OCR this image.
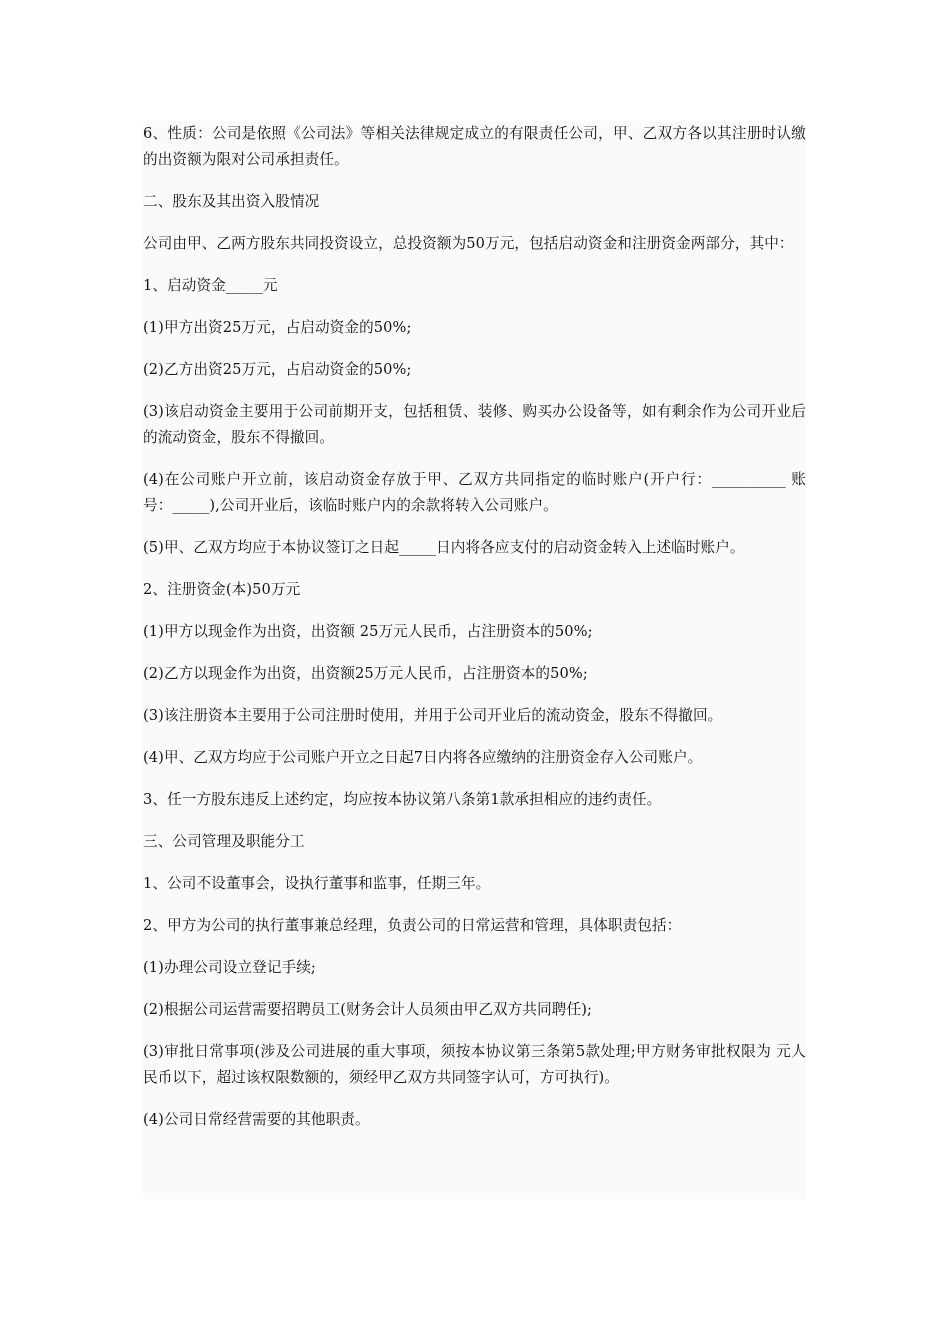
6、性质：公司是依照《公司法》等相关法律规定成立的有限责任公司，甲、乙双方各以其注册时认缴的出资额为限对公司承担责任。

二、股东及其出资入股情况

公司由甲、乙两方股东共同投资设立，总投资额为50万元，包括启动资金和注册资金两部分，其中：

1、启动资金_____元

(1)甲方出资25万元，占启动资金的50%;

(2)乙方出资25万元，占启动资金的50%;

(3)该启动资金主要用于公司前期开支，包括租赁、装修、购买办公设备等，如有剩余作为公司开业后的流动资金，股东不得撤回。

(4)在公司账户开立前，该启动资金存放于甲、乙双方共同指定的临时账户(开户行：__________ 账号：_____),公司开业后，该临时账户内的余款将转入公司账户。

(5)甲、乙双方均应于本协议签订之日起_____日内将各应支付的启动资金转入上述临时账户。

2、注册资金(本)50万元

(1)甲方以现金作为出资，出资额 25万元人民币，占注册资本的50%;

(2)乙方以现金作为出资，出资额25万元人民币，占注册资本的50%;

(3)该注册资本主要用于公司注册时使用，并用于公司开业后的流动资金，股东不得撤回。

(4)甲、乙双方均应于公司账户开立之日起7日内将各应缴纳的注册资金存入公司账户。

3、任一方股东违反上述约定，均应按本协议第八条第1款承担相应的违约责任。

三、公司管理及职能分工

1、公司不设董事会，设执行董事和监事，任期三年。

2、甲方为公司的执行董事兼总经理，负责公司的日常运营和管理，具体职责包括：

(1)办理公司设立登记手续;

(2)根据公司运营需要招聘员工(财务会计人员须由甲乙双方共同聘任);

(3)审批日常事项(涉及公司进展的重大事项，须按本协议第三条第5款处理;甲方财务审批权限为 元人民币以下，超过该权限数额的，须经甲乙双方共同签字认可，方可执行)。

(4)公司日常经营需要的其他职责。
